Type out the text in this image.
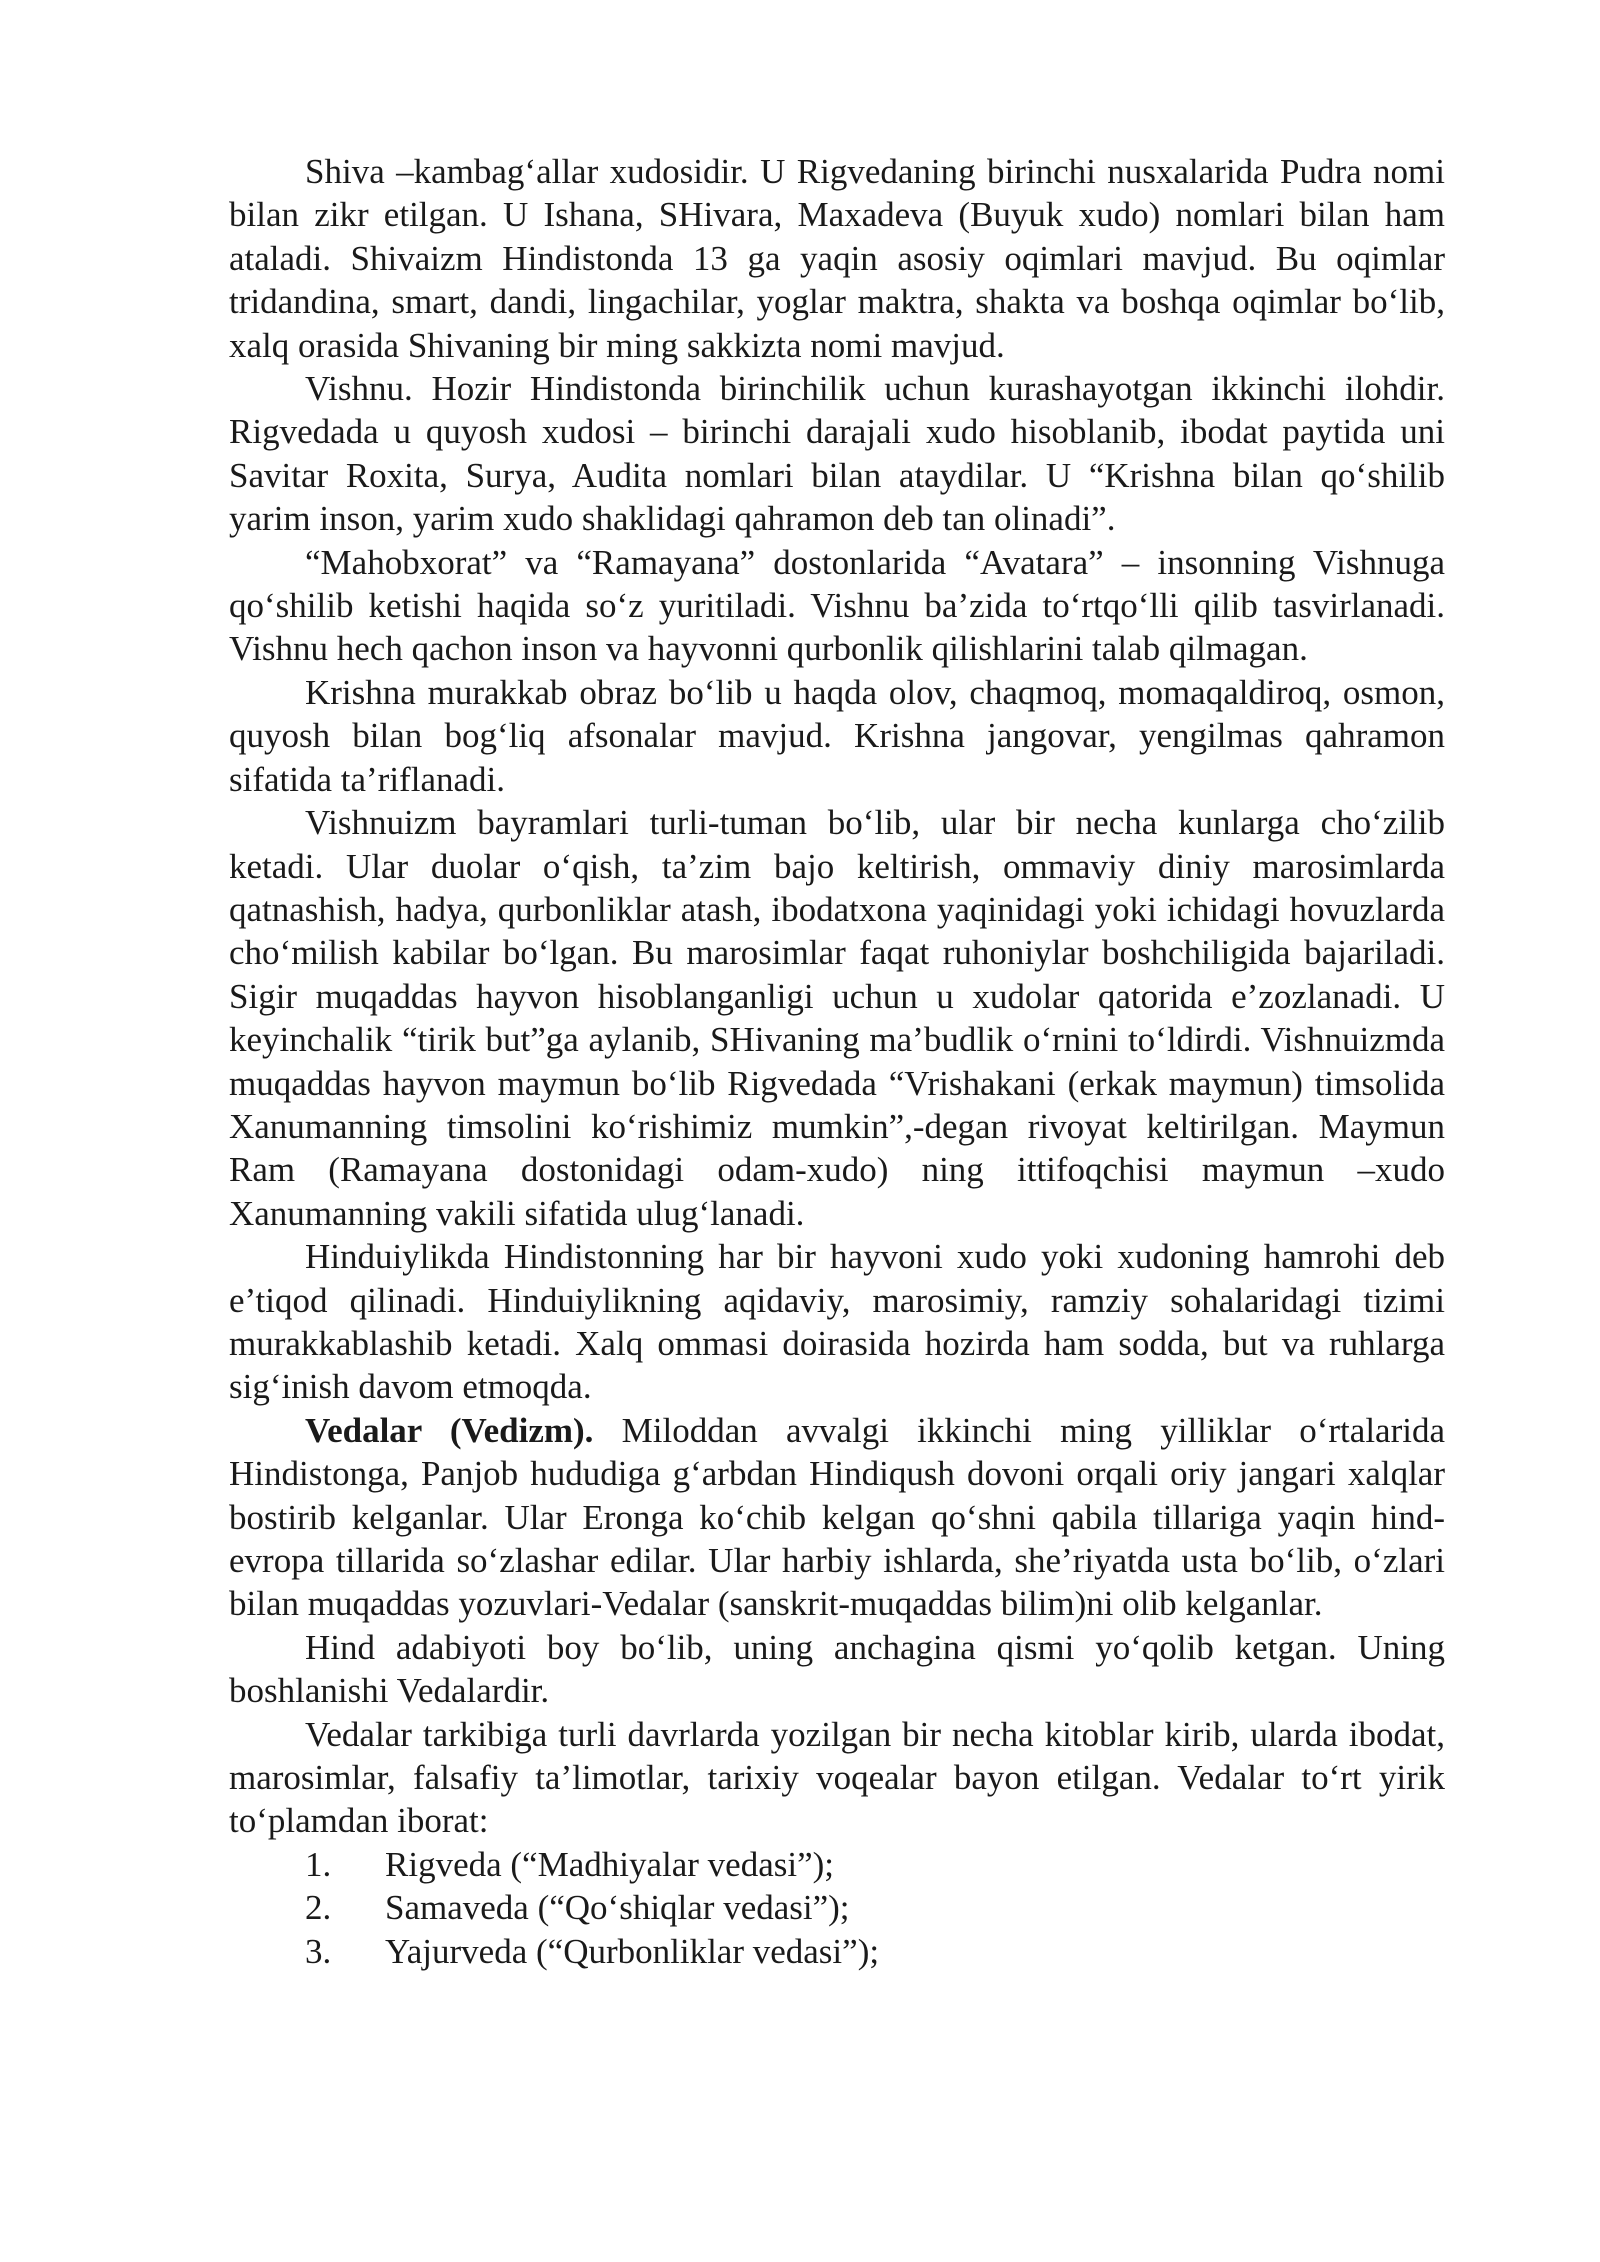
Shiva –kambag‘allar xudosidir. U Rigvedaning birinchi nusxalarida Pudra nomi bilan zikr etilgan. U Ishana, SHivara, Maxadeva (Buyuk xudo) nomlari bilan ham ataladi. Shivaizm Hindistonda 13 ga yaqin asosiy oqimlari mavjud. Bu oqimlar tridandina, smart, dandi, lingachilar, yoglar maktra, shakta va boshqa oqimlar bo‘lib, xalq orasida Shivaning bir ming sakkizta nomi mavjud.

Vishnu. Hozir Hindistonda birinchilik uchun kurashayotgan ikkinchi ilohdir. Rigvedada u quyosh xudosi – birinchi darajali xudo hisoblanib, ibodat paytida uni Savitar Roxita, Surya, Audita nomlari bilan ataydilar. U “Krishna bilan qo‘shilib yarim inson, yarim xudo shaklidagi qahramon deb tan olinadi”.

“Mahobxorat” va “Ramayana” dostonlarida “Avatara” – insonning Vishnuga qo‘shilib ketishi haqida so‘z yuritiladi. Vishnu ba’zida to‘rtqo‘lli qilib tasvirlanadi. Vishnu hech qachon inson va hayvonni qurbonlik qilishlarini talab qilmagan.

Krishna murakkab obraz bo‘lib u haqda olov, chaqmoq, momaqaldiroq, osmon, quyosh bilan bog‘liq afsonalar mavjud. Krishna jangovar, yengilmas qahramon sifatida ta’riflanadi.

Vishnuizm bayramlari turli-tuman bo‘lib, ular bir necha kunlarga cho‘zilib ketadi. Ular duolar o‘qish, ta’zim bajo keltirish, ommaviy diniy marosimlarda qatnashish, hadya, qurbonliklar atash, ibodatxona yaqinidagi yoki ichidagi hovuzlarda cho‘milish kabilar bo‘lgan. Bu marosimlar faqat ruhoniylar boshchiligida bajariladi. Sigir muqaddas hayvon hisoblanganligi uchun u xudolar qatorida e’zozlanadi. U keyinchalik “tirik but”ga aylanib, SHivaning ma’budlik o‘rnini to‘ldirdi. Vishnuizmda muqaddas hayvon maymun bo‘lib Rigvedada “Vrishakani (erkak maymun) timsolida Xanumanning timsolini ko‘rishimiz mumkin”,-degan rivoyat keltirilgan. Maymun Ram (Ramayana dostonidagi odam-xudo) ning ittifoqchisi maymun –xudo Xanumanning vakili sifatida ulug‘lanadi.

Hinduiylikda Hindistonning har bir hayvoni xudo yoki xudoning hamrohi deb e’tiqod qilinadi. Hinduiylikning aqidaviy, marosimiy, ramziy sohalaridagi tizimi murakkablashib ketadi. Xalq ommasi doirasida hozirda ham sodda, but va ruhlarga sig‘inish davom etmoqda.

Vedalar (Vedizm). Miloddan avvalgi ikkinchi ming yilliklar o‘rtalarida Hindistonga, Panjob hududiga g‘arbdan Hindiqush dovoni orqali oriy jangari xalqlar bostirib kelganlar. Ular Eronga ko‘chib kelgan qo‘shni qabila tillariga yaqin hind-evropa tillarida so‘zlashar edilar. Ular harbiy ishlarda, she’riyatda usta bo‘lib, o‘zlari bilan muqaddas yozuvlari-Vedalar (sanskrit-muqaddas bilim)ni olib kelganlar.

Hind adabiyoti boy bo‘lib, uning anchagina qismi yo‘qolib ketgan. Uning boshlanishi Vedalardir.

Vedalar tarkibiga turli davrlarda yozilgan bir necha kitoblar kirib, ularda ibodat, marosimlar, falsafiy ta’limotlar, tarixiy voqealar bayon etilgan. Vedalar to‘rt yirik to‘plamdan iborat:

1.	Rigveda (“Madhiyalar vedasi”);
2.	Samaveda (“Qo‘shiqlar vedasi”);
3.	Yajurveda (“Qurbonliklar vedasi”);
